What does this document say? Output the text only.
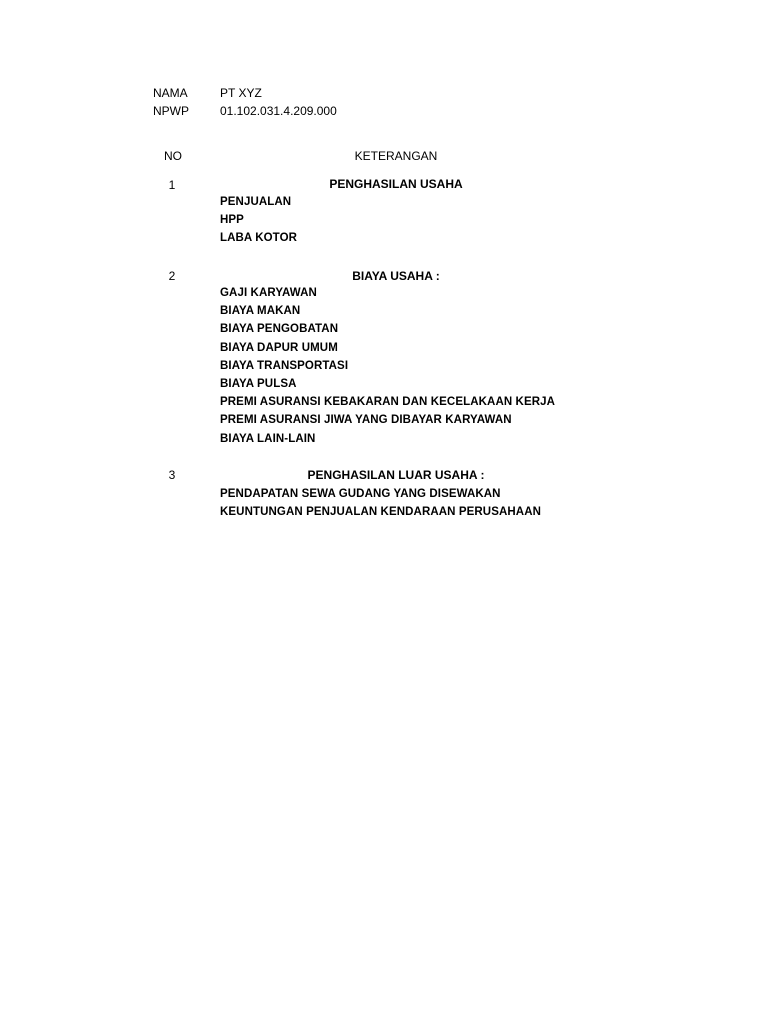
NAMA	PT XYZ
NPWP	01.102.031.4.209.000
NO	KETERANGAN
1	PENGHASILAN USAHA
PENJUALAN
HPP
LABA KOTOR
2	BIAYA USAHA :
GAJI KARYAWAN
BIAYA MAKAN
BIAYA PENGOBATAN
BIAYA DAPUR UMUM
BIAYA TRANSPORTASI
BIAYA PULSA
PREMI ASURANSI KEBAKARAN DAN KECELAKAAN KERJA
PREMI ASURANSI JIWA YANG DIBAYAR KARYAWAN
BIAYA LAIN-LAIN
3	PENGHASILAN LUAR USAHA :
PENDAPATAN SEWA GUDANG YANG DISEWAKAN
KEUNTUNGAN PENJUALAN KENDARAAN PERUSAHAAN
